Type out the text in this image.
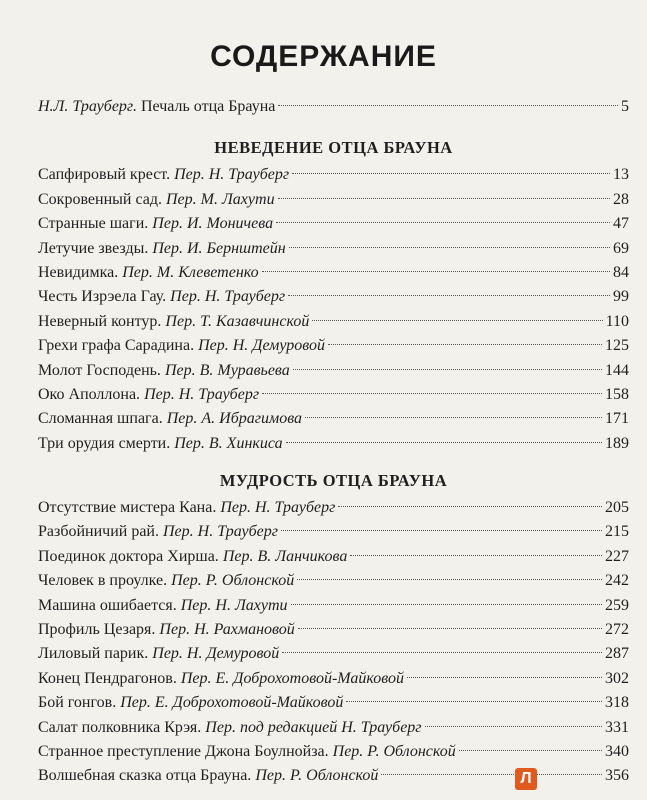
СОДЕРЖАНИЕ
Н.Л. Трауберг. Печаль отца Брауна	5
НЕВЕДЕНИЕ ОТЦА БРАУНА
Сапфировый крест. Пер. Н. Трауберг	13
Сокровенный сад. Пер. М. Лахути	28
Странные шаги. Пер. И. Моничева	47
Летучие звезды. Пер. И. Бернштейн	69
Невидимка. Пер. М. Клеветенко	84
Честь Изрэела Гау. Пер. Н. Трауберг	99
Неверный контур. Пер. Т. Казавчинской	110
Грехи графа Сарадина. Пер. Н. Демуровой	125
Молот Господень. Пер. В. Муравьева	144
Око Аполлона. Пер. Н. Трауберг	158
Сломанная шпага. Пер. А. Ибрагимова	171
Три орудия смерти. Пер. В. Хинкиса	189
МУДРОСТЬ ОТЦА БРАУНА
Отсутствие мистера Кана. Пер. Н. Трауберг	205
Разбойничий рай. Пер. Н. Трауберг	215
Поединок доктора Хирша. Пер. В. Ланчикова	227
Человек в проулке. Пер. Р. Облонской	242
Машина ошибается. Пер. Н. Лахути	259
Профиль Цезаря. Пер. Н. Рахмановой	272
Лиловый парик. Пер. Н. Демуровой	287
Конец Пендрагонов. Пер. Е. Доброхотовой-Майковой	302
Бой гонгов. Пер. Е. Доброхотовой-Майковой	318
Салат полковника Крэя. Пер. под редакцией Н. Трауберг	331
Странное преступление Джона Боулнойза. Пер. Р. Облонской	340
Волшебная сказка отца Брауна. Пер. Р. Облонской	356
Л
